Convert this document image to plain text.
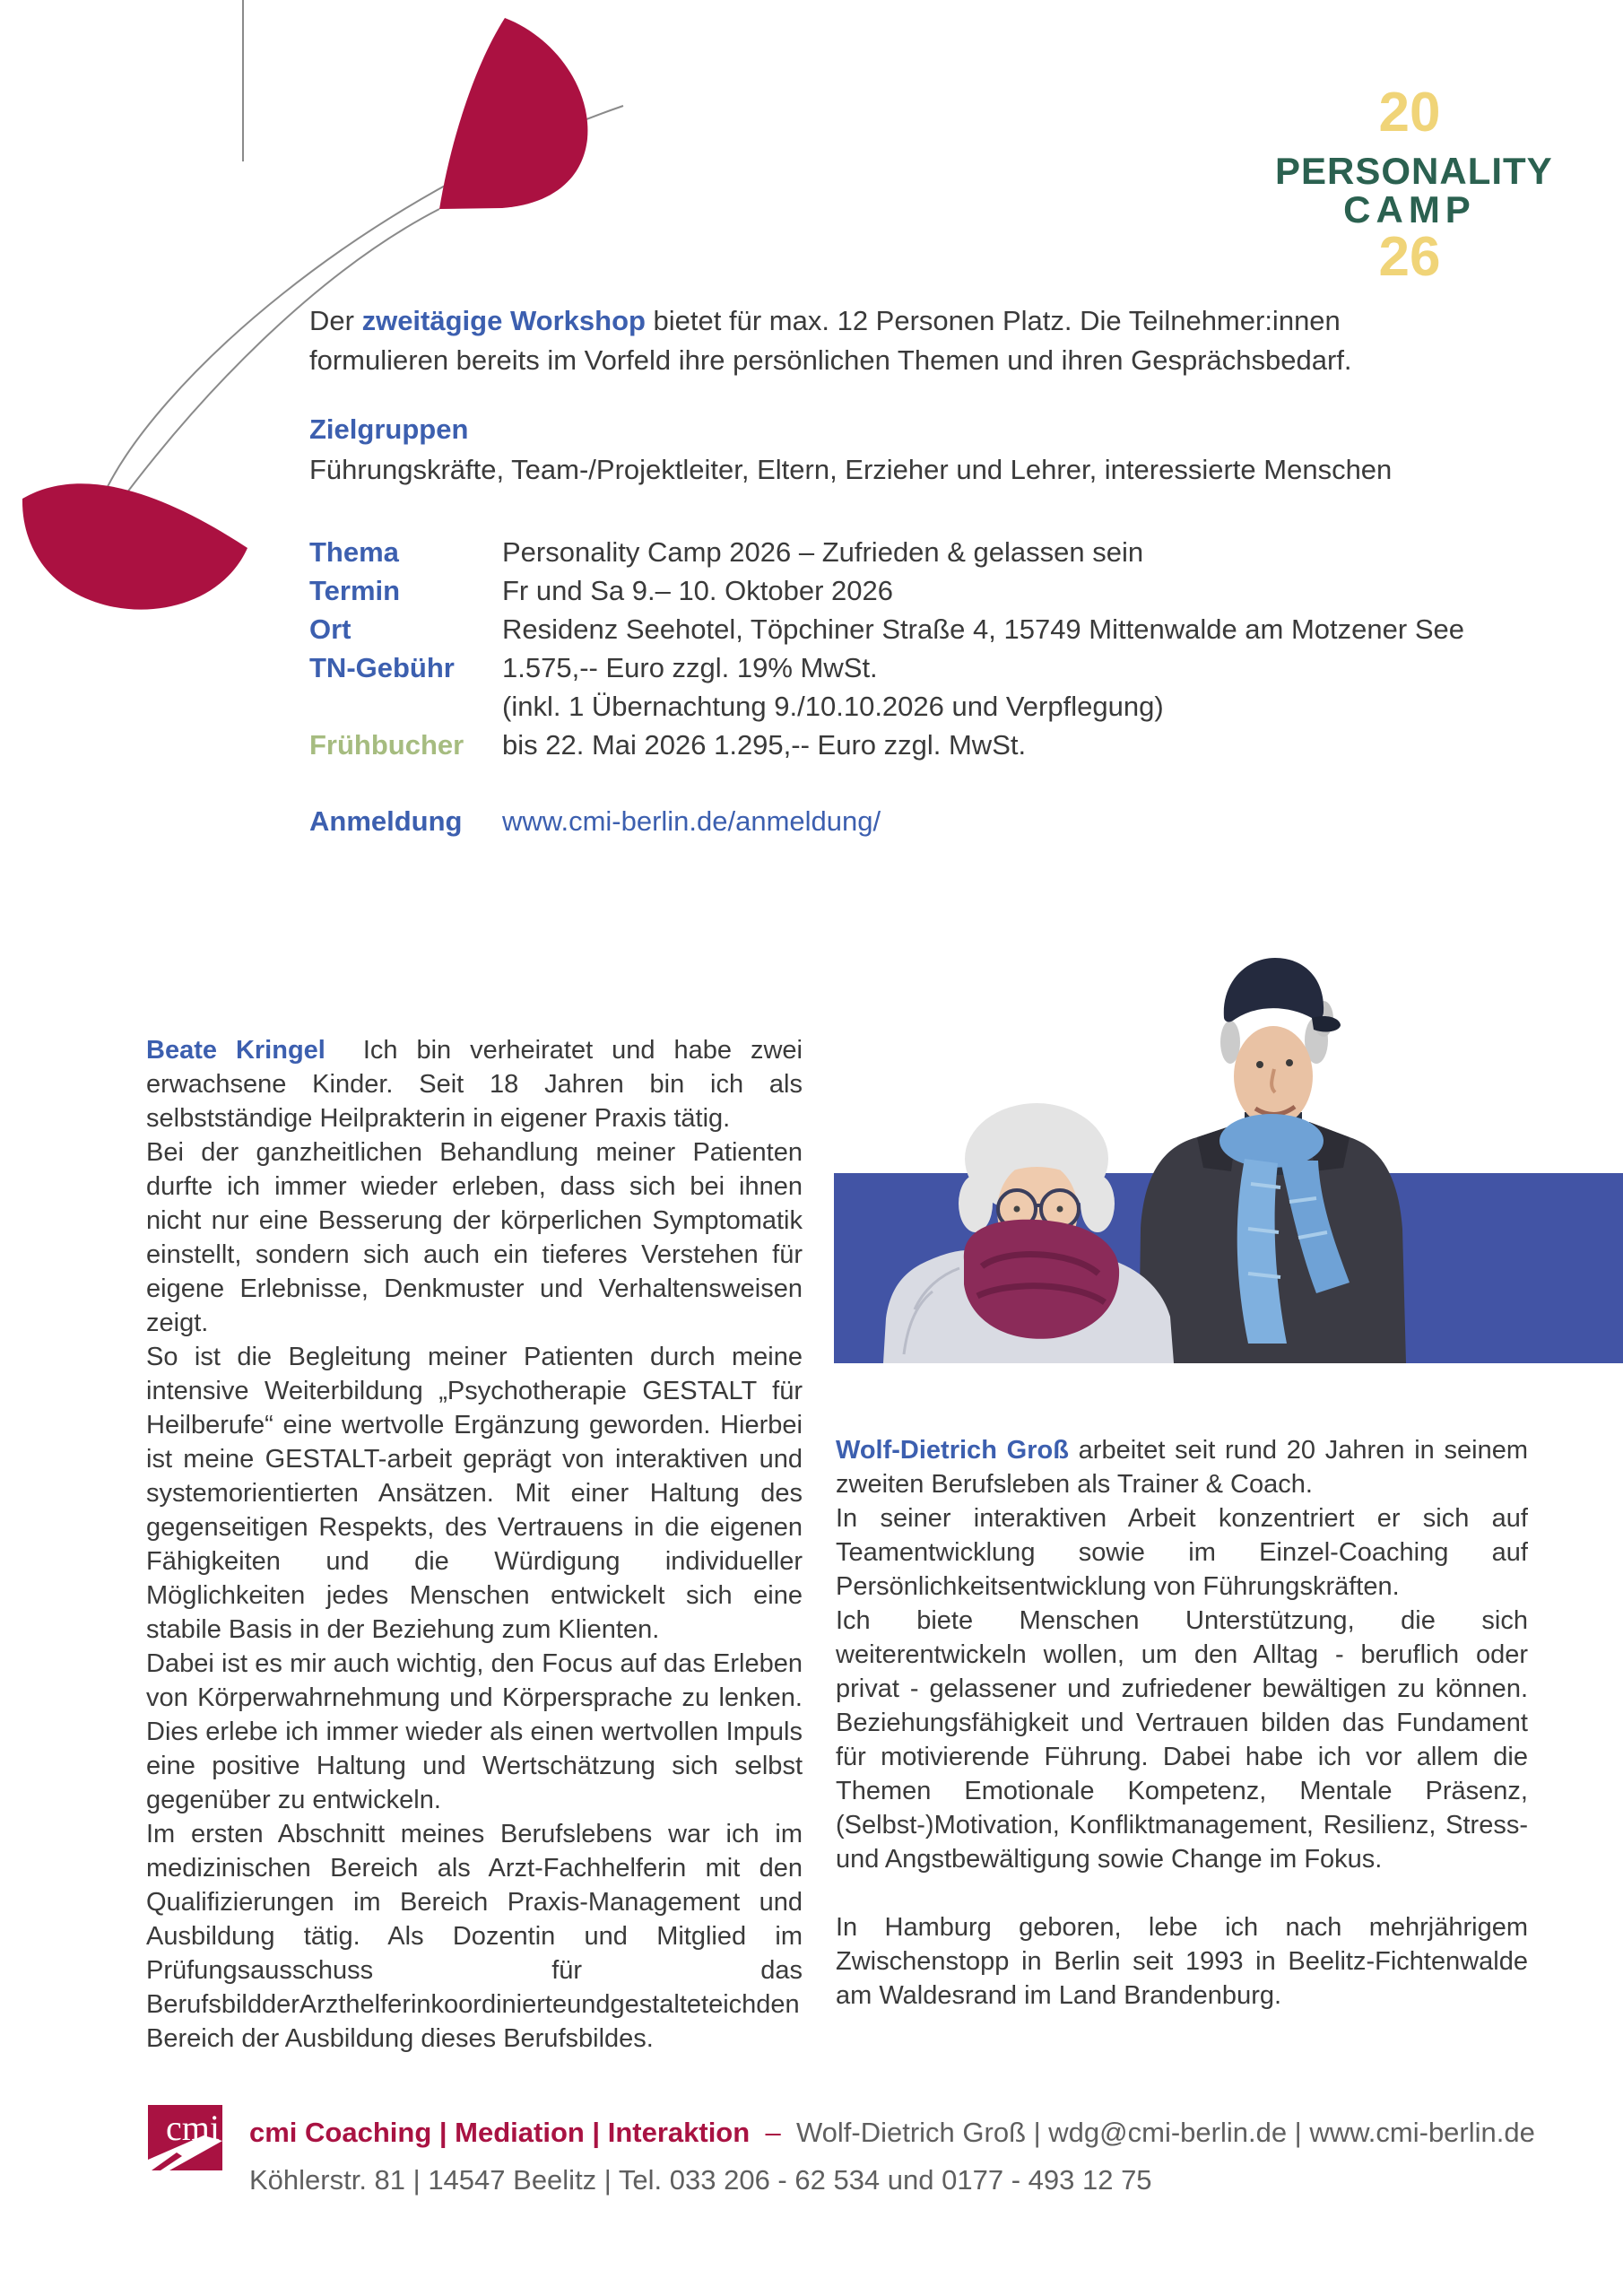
20
PERSONALITY
CAMP
26
Der zweitägige Workshop bietet für max. 12 Personen Platz. Die Teilnehmer:innen
formulieren bereits im Vorfeld ihre persönlichen Themen und ihren Gesprächsbedarf.
Zielgruppen
Führungskräfte, Team-/Projektleiter, Eltern, Erzieher und Lehrer, interessierte Menschen
Thema	Personality Camp 2026 – Zufrieden & gelassen sein
Termin	Fr und Sa 9.– 10. Oktober 2026
Ort	Residenz Seehotel, Töpchiner Straße 4, 15749 Mittenwalde am Motzener See
TN-Gebühr	1.575,-- Euro zzgl. 19% MwSt.
(inkl. 1 Übernachtung 9./10.10.2026 und Verpflegung)
Frühbucher	bis 22. Mai 2026 1.295,-- Euro zzgl. MwSt.
Anmeldung	www.cmi-berlin.de/anmeldung/

Beate Kringel Ich bin verheiratet und habe zwei erwachsene Kinder. Seit 18 Jahren bin ich als selbstständige Heilprakterin in eigener Praxis tätig.

Bei der ganzheitlichen Behandlung meiner Patienten durfte ich immer wieder erleben, dass sich bei ihnen nicht nur eine Besserung der körperlichen Symptomatik einstellt, sondern sich auch ein tieferes Verstehen für eigene Erlebnisse, Denkmuster und Verhaltensweisen zeigt.

So ist die Begleitung meiner Patienten durch meine intensive Weiterbildung „Psychotherapie GESTALT für Heilberufe“ eine wertvolle Ergänzung geworden. Hierbei ist meine GESTALT-arbeit geprägt von interaktiven und systemorientierten Ansätzen. Mit einer Haltung des gegenseitigen Respekts, des Vertrauens in die eigenen Fähigkeiten und die Würdigung individueller Möglichkeiten jedes Menschen entwickelt sich eine stabile Basis in der Beziehung zum Klienten.

Dabei ist es mir auch wichtig, den Focus auf das Erleben von Körperwahrnehmung und Körpersprache zu lenken. Dies erlebe ich immer wieder als einen wertvollen Impuls eine positive Haltung und Wertschätzung sich selbst gegenüber zu entwickeln.

Im ersten Abschnitt meines Berufslebens war ich im medizinischen Bereich als Arzt-Fachhelferin mit den Qualifizierungen im Bereich Praxis-Management und Ausbildung tätig. Als Dozentin und Mitglied im Prüfungsausschuss für das BerufsbildderArzthelferinkoordinierteundgestalteteichden Bereich der Ausbildung dieses Berufsbildes.

Wolf-Dietrich Groß arbeitet seit rund 20 Jahren in seinem zweiten Berufsleben als Trainer & Coach.

In seiner interaktiven Arbeit konzentriert er sich auf Teamentwicklung sowie im Einzel-Coaching auf Persönlichkeitsentwicklung von Führungskräften.

Ich biete Menschen Unterstützung, die sich weiterentwickeln wollen, um den Alltag - beruflich oder privat - gelassener und zufriedener bewältigen zu können. Beziehungsfähigkeit und Vertrauen bilden das Fundament für motivierende Führung. Dabei habe ich vor allem die Themen Emotionale Kompetenz, Mentale Präsenz, (Selbst-)Motivation, Konfliktmanagement, Resilienz, Stress- und Angstbewältigung sowie Change im Fokus.

In Hamburg geboren, lebe ich nach mehrjährigem Zwischenstopp in Berlin seit 1993 in Beelitz-Fichtenwalde am Waldesrand im Land Brandenburg.

cmi cmi Coaching | Mediation | Interaktion – Wolf-Dietrich Groß | wdg@cmi-berlin.de | www.cmi-berlin.de
Köhlerstr. 81 | 14547 Beelitz | Tel. 033 206 - 62 534 und 0177 - 493 12 75
